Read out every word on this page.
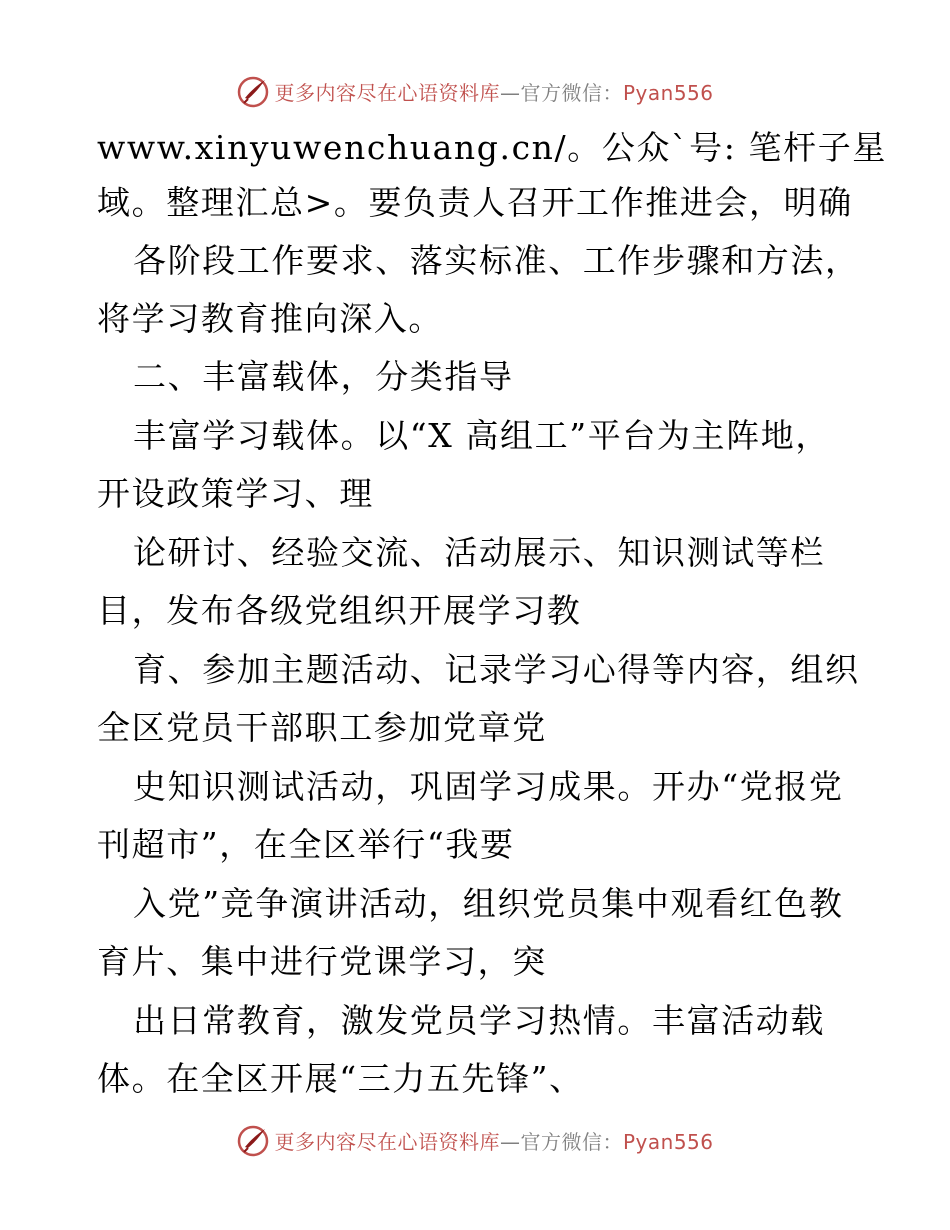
更多内容尽在心语资料库—官方微信：Pyan556
www.xinyuwenchuang.cn/。公众`号: 笔杆子星
域。整理汇总>。要负责人召开工作推进会，明确
各阶段工作要求、落实标准、工作步骤和方法，
将学习教育推向深入。
二、丰富载体，分类指导
丰富学习载体。以“X 高组工”平台为主阵地，
开设政策学习、理
论研讨、经验交流、活动展示、知识测试等栏
目，发布各级党组织开展学习教
育、参加主题活动、记录学习心得等内容，组织
全区党员干部职工参加党章党
史知识测试活动，巩固学习成果。开办“党报党
刊超市”，在全区举行“我要
入党”竞争演讲活动，组织党员集中观看红色教
育片、集中进行党课学习，突
出日常教育，激发党员学习热情。丰富活动载
体。在全区开展“三力五先锋”、
更多内容尽在心语资料库—官方微信：Pyan556
